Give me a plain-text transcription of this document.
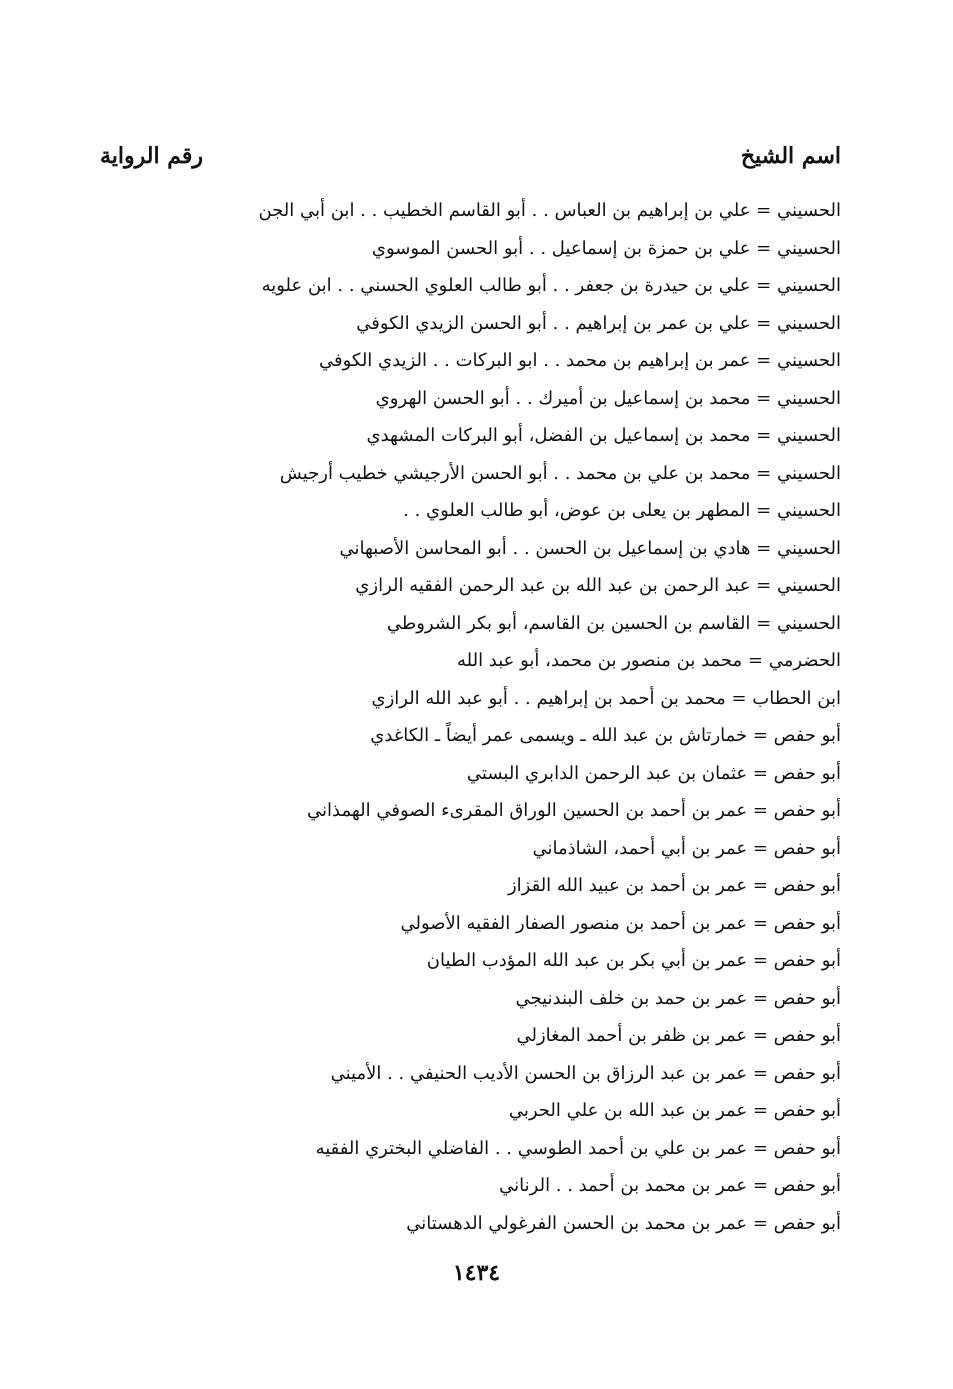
اسم الشيخ
رقم الرواية
الحسيني = علي بن إبراهيم بن العباس . . أبو القاسم الخطيب . . ابن أبي الجن
الحسيني = علي بن حمزة بن إسماعيل . . أبو الحسن الموسوي
الحسيني = علي بن حيدرة بن جعفر . . أبو طالب العلوي الحسني . . ابن علويه
الحسيني = علي بن عمر بن إبراهيم . . أبو الحسن الزيدي الكوفي
الحسيني = عمر بن إبراهيم بن محمد . . ابو البركات . . الزيدي الكوفي
الحسيني = محمد بن إسماعيل بن أميرك . . أبو الحسن الهروي
الحسيني = محمد بن إسماعيل بن الفضل، أبو البركات المشهدي
الحسيني = محمد بن علي بن محمد . . أبو الحسن الأرجيشي خطيب أرجيش
الحسيني = المطهر بن يعلى بن عوض، أبو طالب العلوي . .
الحسيني = هادي بن إسماعيل بن الحسن . . أبو المحاسن الأصبهاني
الحسيني = عبد الرحمن بن عبد الله بن عبد الرحمن الفقيه الرازي
الحسيني = القاسم بن الحسين بن القاسم، أبو بكر الشروطي
الحضرمي = محمد بن منصور بن محمد، أبو عبد الله
ابن الحطاب = محمد بن أحمد بن إبراهيم . . أبو عبد الله الرازي
أبو حفص = خمارتاش بن عبد الله ـ ويسمى عمر أيضاً ـ الكاغدي
أبو حفص = عثمان بن عبد الرحمن الدابري البستي
أبو حفص = عمر بن أحمد بن الحسين الوراق المقرىء الصوفي الهمذاني
أبو حفص = عمر بن أبي أحمد، الشاذماني
أبو حفص = عمر بن أحمد بن عبيد الله القزاز
أبو حفص = عمر بن أحمد بن منصور الصفار الفقيه الأصولي
أبو حفص = عمر بن أبي بكر بن عبد الله المؤدب الطيان
أبو حفص = عمر بن حمد بن خلف البندنيجي
أبو حفص = عمر بن ظفر بن أحمد المغازلي
أبو حفص = عمر بن عبد الرزاق بن الحسن الأديب الحنيفي . . الأميني
أبو حفص = عمر بن عبد الله بن علي الحربي
أبو حفص = عمر بن علي بن أحمد الطوسي . . الفاضلي البختري الفقيه
أبو حفص = عمر بن محمد بن أحمد . . الرناني
أبو حفص = عمر بن محمد بن الحسن الفرغولي الدهستاني
١٤٣٤
